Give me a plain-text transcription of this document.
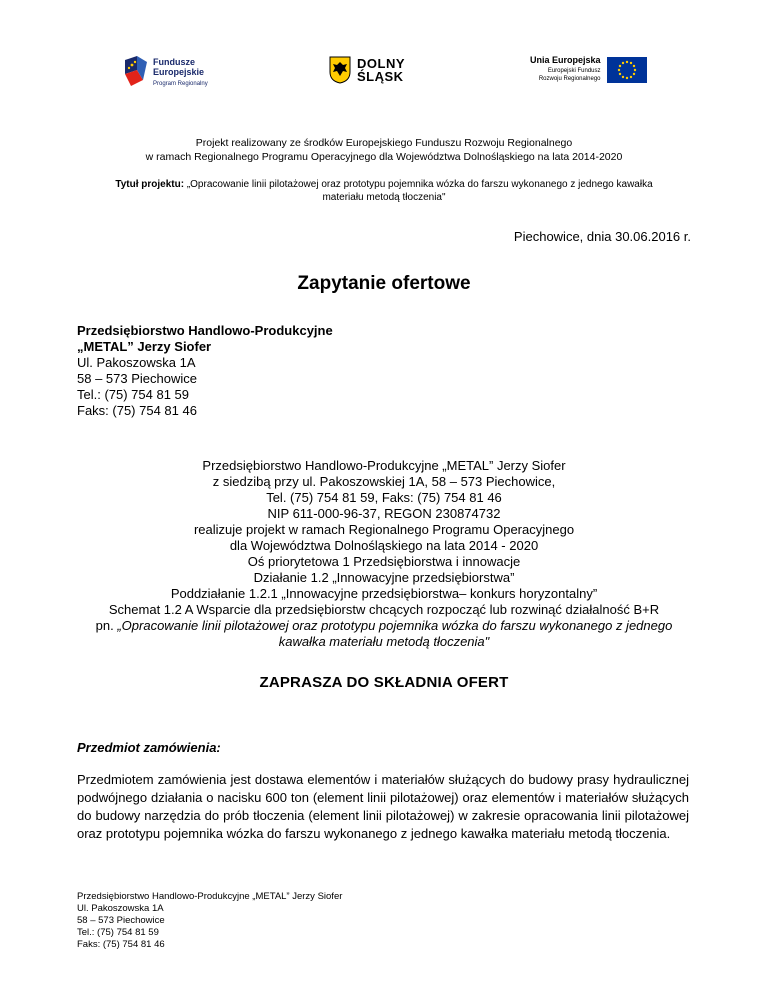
Fundusze
Europejskie
Program Regionalny
DOLNY
ŚLĄSK
Unia Europejska
Europejski Fundusz
Rozwoju Regionalnego
Projekt realizowany ze środków Europejskiego Funduszu Rozwoju Regionalnego
w ramach Regionalnego Programu Operacyjnego dla Województwa Dolnośląskiego na lata 2014-2020
Tytuł projektu: „Opracowanie linii pilotażowej oraz prototypu pojemnika wózka do farszu wykonanego z jednego kawałka
materiału metodą tłoczenia"
Piechowice, dnia 30.06.2016 r.
Zapytanie ofertowe
Przedsiębiorstwo Handlowo-Produkcyjne
„METAL” Jerzy Siofer
Ul. Pakoszowska 1A
58 – 573 Piechowice
Tel.: (75) 754 81 59
Faks: (75) 754 81 46
Przedsiębiorstwo Handlowo-Produkcyjne „METAL” Jerzy Siofer
z siedzibą przy ul. Pakoszowskiej 1A, 58 – 573 Piechowice,
Tel. (75) 754 81 59, Faks: (75) 754 81 46
NIP 611-000-96-37, REGON 230874732
realizuje projekt w ramach Regionalnego Programu Operacyjnego
dla Województwa Dolnośląskiego na lata 2014 - 2020
Oś priorytetowa 1 Przedsiębiorstwa i innowacje
Działanie 1.2 „Innowacyjne przedsiębiorstwa”
Poddziałanie 1.2.1 „Innowacyjne przedsiębiorstwa– konkurs horyzontalny”
Schemat 1.2 A Wsparcie dla przedsiębiorstw chcących rozpocząć lub rozwinąć działalność B+R
pn. „Opracowanie linii pilotażowej oraz prototypu pojemnika wózka do farszu wykonanego z jednego
kawałka materiału metodą tłoczenia"
ZAPRASZA DO SKŁADNIA OFERT
Przedmiot zamówienia:
Przedmiotem zamówienia jest dostawa elementów i materiałów służących do budowy prasy hydraulicznej podwójnego działania o nacisku 600 ton (element linii pilotażowej) oraz elementów i materiałów służących do budowy narzędzia do prób tłoczenia (element linii pilotażowej) w zakresie opracowania linii pilotażowej oraz prototypu pojemnika wózka do farszu wykonanego z jednego kawałka materiału metodą tłoczenia.
Przedsiębiorstwo Handlowo-Produkcyjne „METAL” Jerzy Siofer
Ul. Pakoszowska 1A
58 – 573 Piechowice
Tel.: (75) 754 81 59
Faks: (75) 754 81 46
